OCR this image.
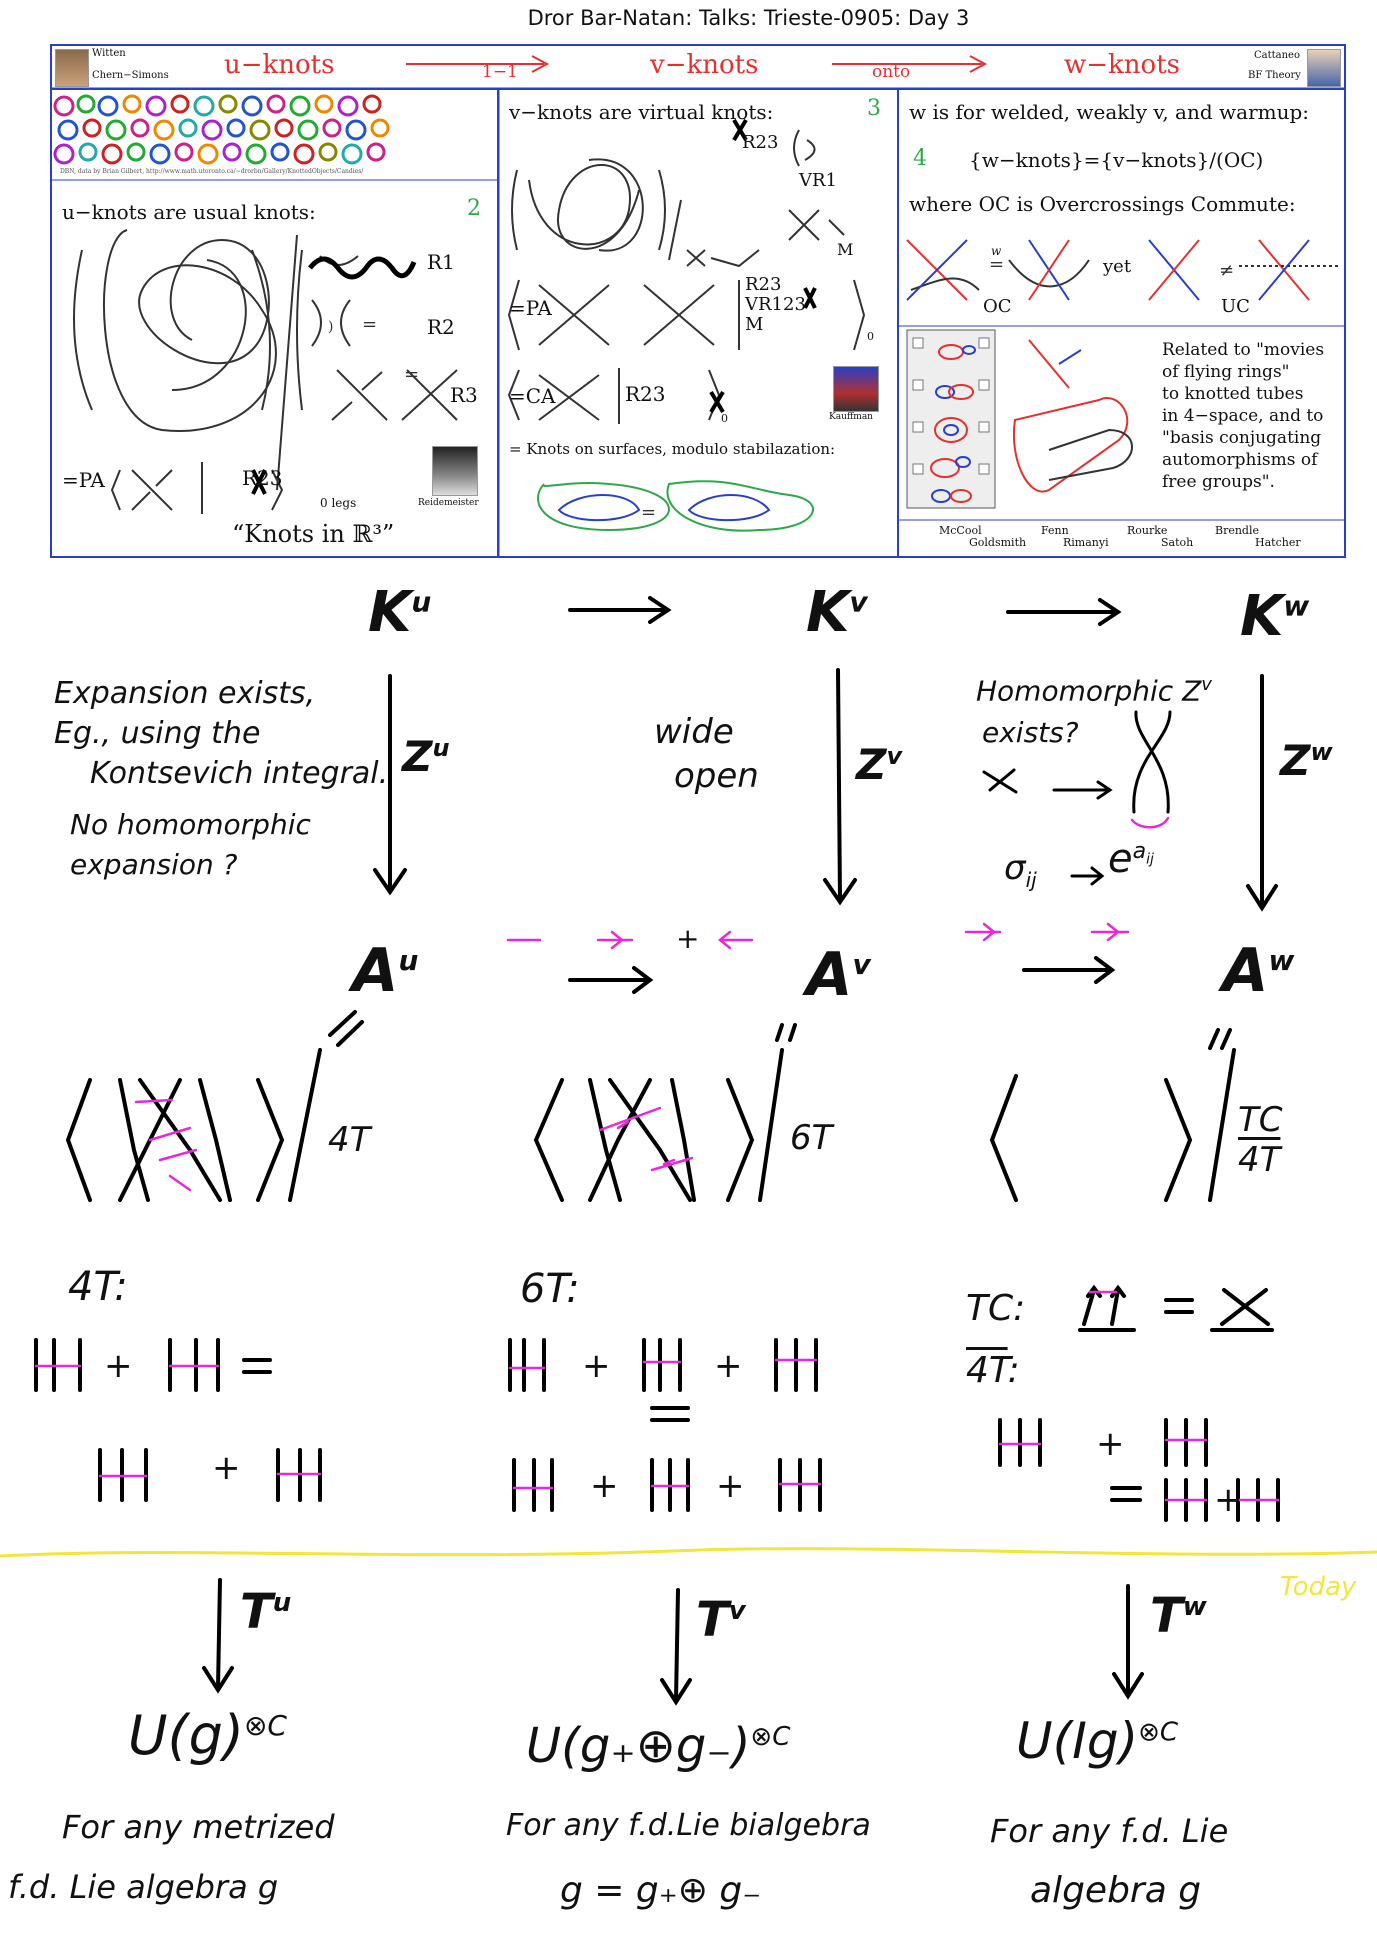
Dror Bar-Natan: Talks: Trieste-0905: Day 3
Witten
Chern−Simons u−knots	1−1	v−knots	onto	w−knots	Cattaneo
BF Theory
=
=
)
DBN, data by Brian Gilbert, http://www.math.utoronto.ca/~drorbn/Gallery/KnottedObjects/Candies/
u−knots are usual knots:	2
R1
R2
R3
=PA	R23
0 legs	Reidemeister
“Knots in ℝ³”
=
v−knots are virtual knots:	3
R23
VR1
M
=PA
R23
VR123
M
0
=CA	R23
0	Kauffman
= Knots on surfaces, modulo stabilazation:
=	≠
w is for welded, weakly v, and warmup:
4 {w−knots}={v−knots}/(OC)
where OC is Overcrossings Commute:
w
yet
OC	UC
Related to "movies
of flying rings"
to knotted tubes
in 4−space, and to
"basis conjugating
automorphisms of
free groups".
McCool
Goldsmith
Fenn
Rimanyi
Rourke
Satoh
Brendle
Hatcher
$K^u$	$K^v$	$K^w$
$Z^u$	$Z^v$	$Z^w$
Expansion exists,
Eg., using the
Kontsevich integral.
No homomorphic
expansion ?
wide
open
Homomorphic $Z^v$
exists?
$\sigma_{ij}$ $e^{a_{ij}}$
$A^u$	$A^v$	$A^w$
+
4T	6T	TC
4T
4T:
+
+
6T:
+	+
+	+
TC:
4T:
+
+
Today
$T^u$	$T^v$	$T^w$
$U(g)^{\otimes C}$	U(g₊⊕g₋)$^{\otimes C}$	$U(Ig)^{\otimes C}$
For any metrized
f.d. Lie algebra g
For any f.d.Lie bialgebra
g = g₊⊕ g₋
For any f.d. Lie
algebra g
